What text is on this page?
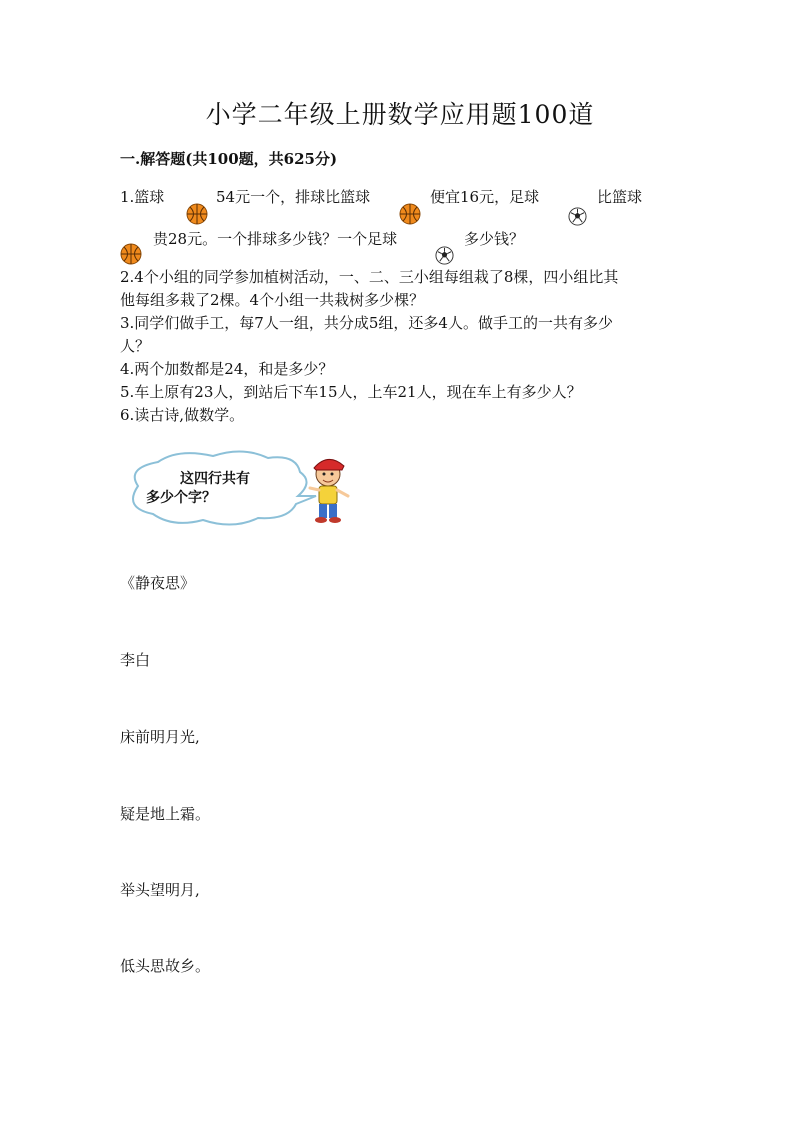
小学二年级上册数学应用题100道
一.解答题(共100题，共625分)
1.篮球	54元一个，排球比篮球	便宜16元，足球	比篮球
贵28元。一个排球多少钱？一个足球	多少钱？
2.4个小组的同学参加植树活动，一、二、三小组每组栽了8棵，四小组比其
他每组多栽了2棵。4个小组一共栽树多少棵？
3.同学们做手工，每7人一组，共分成5组，还多4人。做手工的一共有多少
人？
4.两个加数都是24，和是多少？
5.车上原有23人，到站后下车15人，上车21人，现在车上有多少人？
6.读古诗,做数学。
这四行共有
多少个字？
《静夜思》
李白
床前明月光,
疑是地上霜。
举头望明月,
低头思故乡。
